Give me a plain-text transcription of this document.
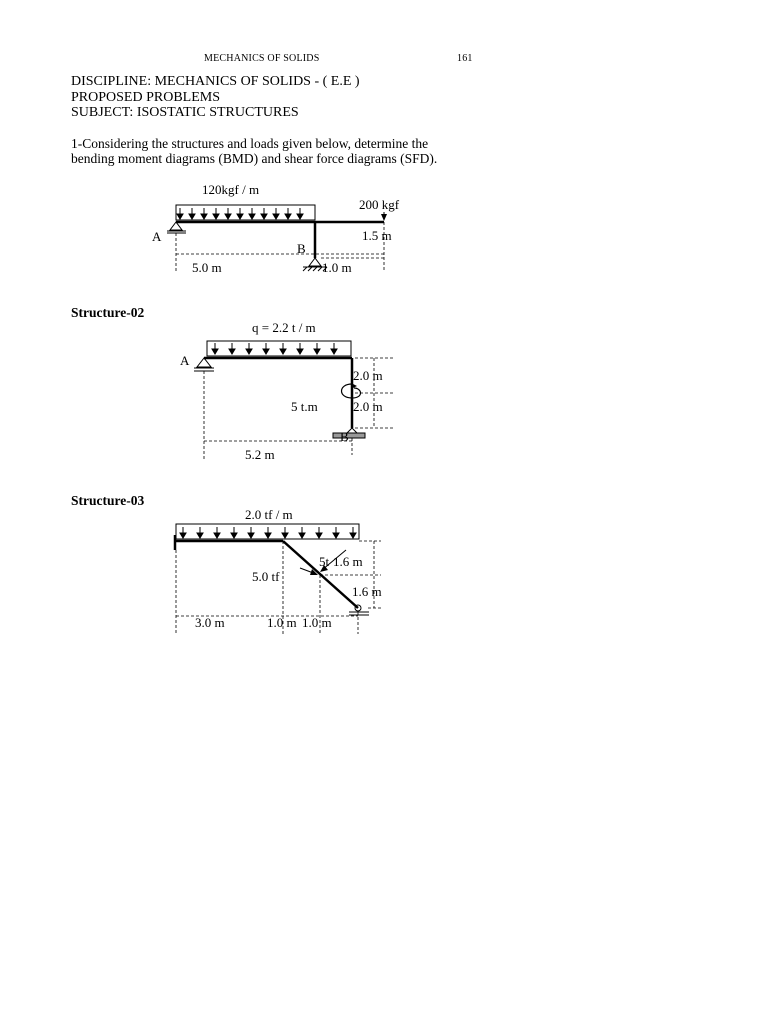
MECHANICS OF SOLIDS	161
DISCIPLINE: MECHANICS OF SOLIDS - ( E.E )
PROPOSED PROBLEMS
SUBJECT: ISOSTATIC STRUCTURES
1-Considering the structures and loads given below, determine the
bending moment diagrams (BMD) and shear force diagrams (SFD).
Structure-02
Structure-03
120kgf / m
200 kgf
A
B
1.5 m
5.0 m	1.0 m
q = 2.2 t / m
A
5 t.m
2.0 m
2.0 m
B
5.2 m
2.0 tf / m
5t 1.6 m
5.0 tf
1.6 m
3.0 m	1.0 m 1.0 m
